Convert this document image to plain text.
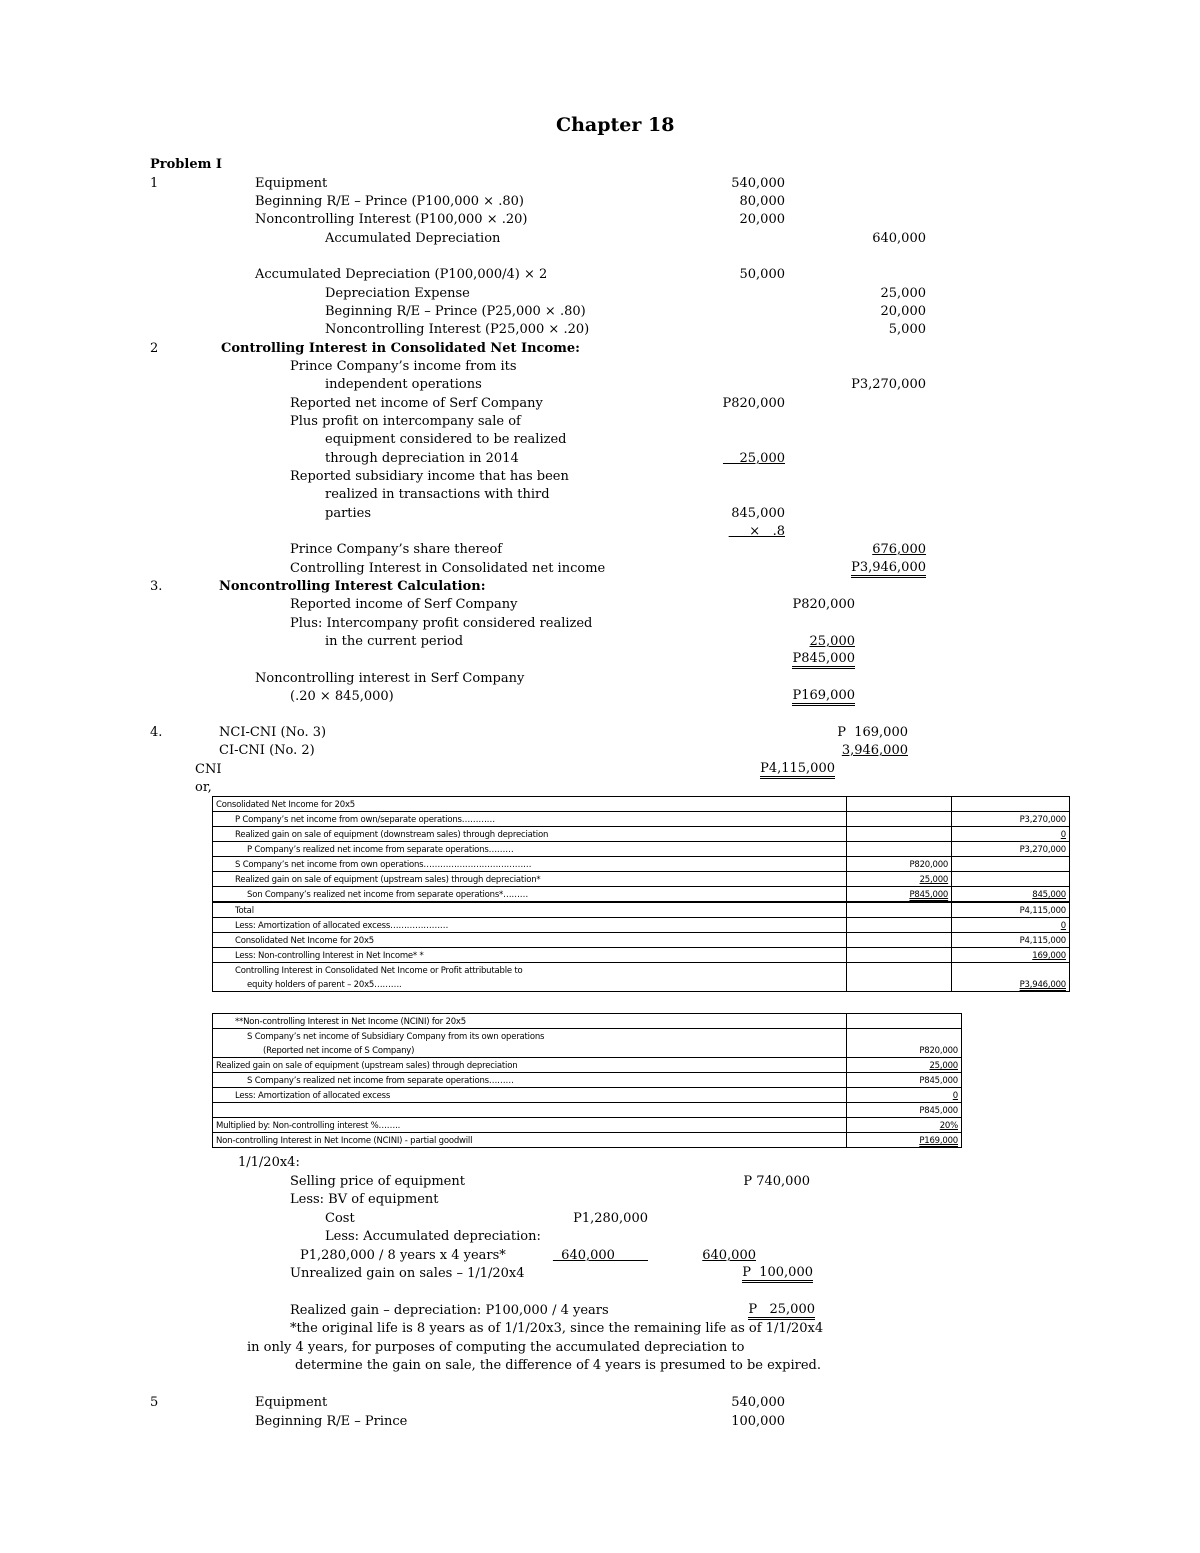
Chapter 18
Problem I
1	Equipment	540,000
Beginning R/E – Prince (P100,000 × .80)	80,000
Noncontrolling Interest (P100,000 × .20)	20,000
Accumulated Depreciation	640,000
Accumulated Depreciation (P100,000/4) × 2	50,000
Depreciation Expense	25,000
Beginning R/E – Prince (P25,000 × .80)	20,000
Noncontrolling Interest (P25,000 × .20)	5,000
2	Controlling Interest in Consolidated Net Income:
Prince Company’s income from its
independent operations	P3,270,000
Reported net income of Serf Company	P820,000
Plus profit on intercompany sale of
equipment considered to be realized
through depreciation in 2014	25,000
Reported subsidiary income that has been
realized in transactions with third
parties	845,000
×   .8
Prince Company’s share thereof	676,000
Controlling Interest in Consolidated net income	P3,946,000
3.	Noncontrolling Interest Calculation:
Reported income of Serf Company	P820,000
Plus: Intercompany profit considered realized
in the current period	25,000
P845,000
Noncontrolling interest in Serf Company
(.20 × 845,000)	P169,000
4.	NCI-CNI (No. 3)	P  169,000
CI-CNI (No. 2)	3,946,000
CNI	P4,115,000
or,
Consolidated Net Income for 20x5		
P Company’s net income from own/separate operations…………		P3,270,000
Realized gain on sale of equipment (downstream sales) through depreciation		0
P Company’s realized net income from separate operations………		P3,270,000
S Company’s net income from own operations…………………………………	P820,000	
Realized gain on sale of equipment (upstream sales) through depreciation*	25,000	
Son Company’s realized net income from separate operations*………	P845,000	845,000
Total		P4,115,000
Less: Amortization of allocated excess…………………		0
Consolidated Net Income for 20x5		P4,115,000
Less: Non-controlling Interest in Net Income* *		169,000
Controlling Interest in Consolidated Net Income or Profit attributable to		
equity holders of parent – 20x5……….		P3,946,000
**Non-controlling Interest in Net Income (NCINI) for 20x5	
S Company’s net income of Subsidiary Company from its own operations	
(Reported net income of S Company)	P820,000
Realized gain on sale of equipment (upstream sales) through depreciation	25,000
S Company’s realized net income from separate operations………	P845,000
Less: Amortization of allocated excess	0
	P845,000
Multiplied by: Non-controlling interest %……..	20%
Non-controlling Interest in Net Income (NCINI) - partial goodwill	P169,000
1/1/20x4:
Selling price of equipment	P 740,000
Less: BV of equipment
Cost	P1,280,000
Less: Accumulated depreciation:
P1,280,000 / 8 years x 4 years*	640,000	640,000
Unrealized gain on sales – 1/1/20x4	P  100,000
Realized gain – depreciation: P100,000 / 4 years	P   25,000
*the original life is 8 years as of 1/1/20x3, since the remaining life as of 1/1/20x4
in only 4 years, for purposes of computing the accumulated depreciation to
determine the gain on sale, the difference of 4 years is presumed to be expired.
5	Equipment	540,000
Beginning R/E – Prince	100,000
